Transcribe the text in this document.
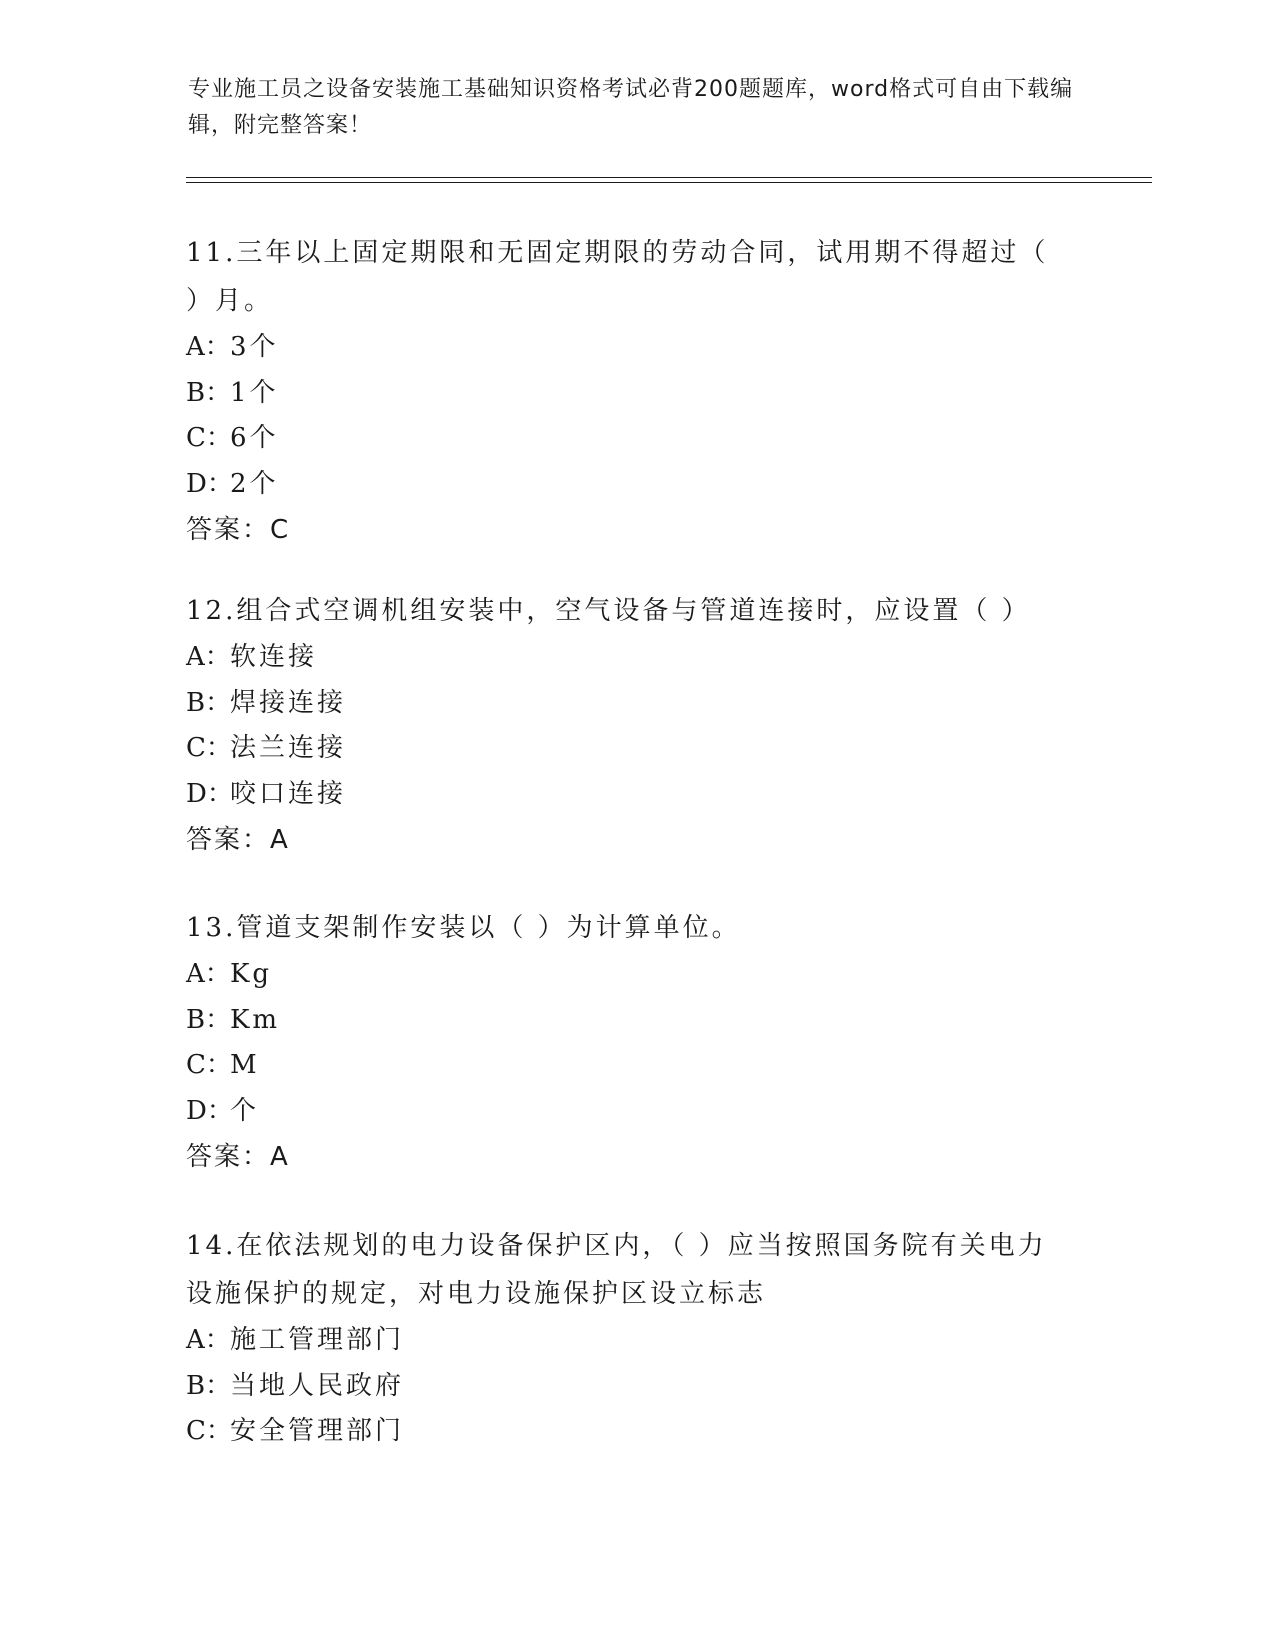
专业施工员之设备安装施工基础知识资格考试必背200题题库，word格式可自由下载编辑，附完整答案！
11.三年以上固定期限和无固定期限的劳动合同，试用期不得超过（ ）月。
A：3个
B：1个
C：6个
D：2个
答案：C
12.组合式空调机组安装中，空气设备与管道连接时，应设置（ ）
A：软连接
B：焊接连接
C：法兰连接
D：咬口连接
答案：A
13.管道支架制作安装以（ ）为计算单位。
A：Kg
B：Km
C：M
D：个
答案：A
14.在依法规划的电力设备保护区内，（ ）应当按照国务院有关电力设施保护的规定，对电力设施保护区设立标志
A：施工管理部门
B：当地人民政府
C：安全管理部门
